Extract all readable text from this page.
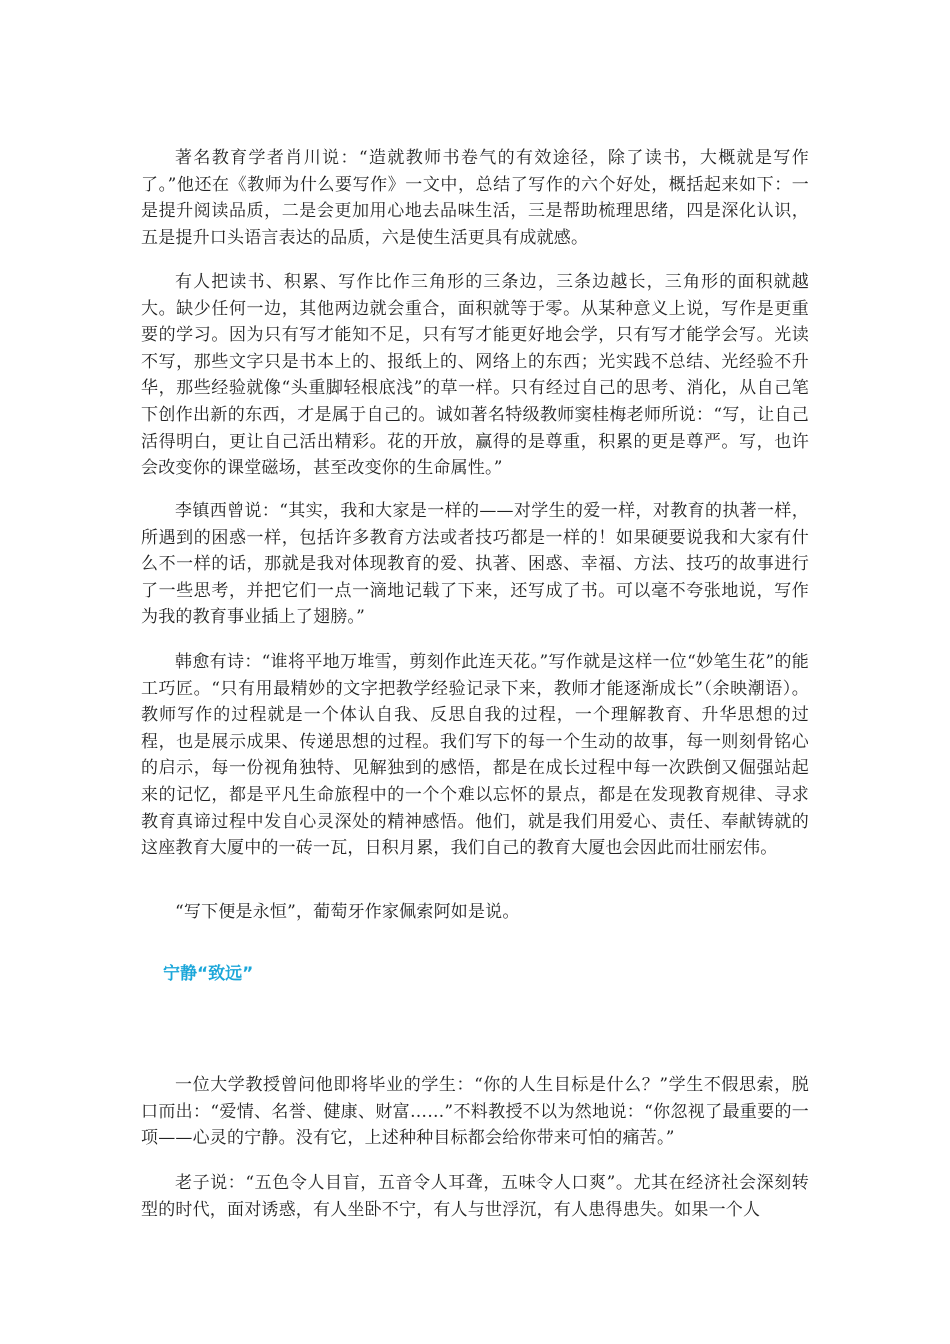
著名教育学者肖川说：“造就教师书卷气的有效途径，除了读书，大概就是写作了。”他还在《教师为什么要写作》一文中，总结了写作的六个好处，概括起来如下：一是提升阅读品质，二是会更加用心地去品味生活，三是帮助梳理思绪，四是深化认识，五是提升口头语言表达的品质，六是使生活更具有成就感。

有人把读书、积累、写作比作三角形的三条边，三条边越长，三角形的面积就越大。缺少任何一边，其他两边就会重合，面积就等于零。从某种意义上说，写作是更重要的学习。因为只有写才能知不足，只有写才能更好地会学，只有写才能学会写。光读不写，那些文字只是书本上的、报纸上的、网络上的东西；光实践不总结、光经验不升华，那些经验就像“头重脚轻根底浅”的草一样。只有经过自己的思考、消化，从自己笔下创作出新的东西，才是属于自己的。诚如著名特级教师窦桂梅老师所说：“写，让自己活得明白，更让自己活出精彩。花的开放，赢得的是尊重，积累的更是尊严。写，也许会改变你的课堂磁场，甚至改变你的生命属性。”

李镇西曾说：“其实，我和大家是一样的——对学生的爱一样，对教育的执著一样，所遇到的困惑一样，包括许多教育方法或者技巧都是一样的！如果硬要说我和大家有什么不一样的话，那就是我对体现教育的爱、执著、困惑、幸福、方法、技巧的故事进行了一些思考，并把它们一点一滴地记载了下来，还写成了书。可以毫不夸张地说，写作为我的教育事业插上了翅膀。”

韩愈有诗：“谁将平地万堆雪，剪刻作此连天花。”写作就是这样一位“妙笔生花”的能工巧匠。“只有用最精妙的文字把教学经验记录下来，教师才能逐渐成长”（余映潮语）。教师写作的过程就是一个体认自我、反思自我的过程，一个理解教育、升华思想的过程，也是展示成果、传递思想的过程。我们写下的每一个生动的故事，每一则刻骨铭心的启示，每一份视角独特、见解独到的感悟，都是在成长过程中每一次跌倒又倔强站起来的记忆，都是平凡生命旅程中的一个个难以忘怀的景点，都是在发现教育规律、寻求教育真谛过程中发自心灵深处的精神感悟。他们，就是我们用爱心、责任、奉献铸就的这座教育大厦中的一砖一瓦，日积月累，我们自己的教育大厦也会因此而壮丽宏伟。

“写下便是永恒”，葡萄牙作家佩索阿如是说。

宁静“致远”

一位大学教授曾问他即将毕业的学生：“你的人生目标是什么？”学生不假思索，脱口而出：“爱情、名誉、健康、财富……”不料教授不以为然地说：“你忽视了最重要的一项——心灵的宁静。没有它，上述种种目标都会给你带来可怕的痛苦。”

老子说：“五色令人目盲，五音令人耳聋，五味令人口爽”。尤其在经济社会深刻转型的时代，面对诱惑，有人坐卧不宁，有人与世浮沉，有人患得患失。如果一个人
